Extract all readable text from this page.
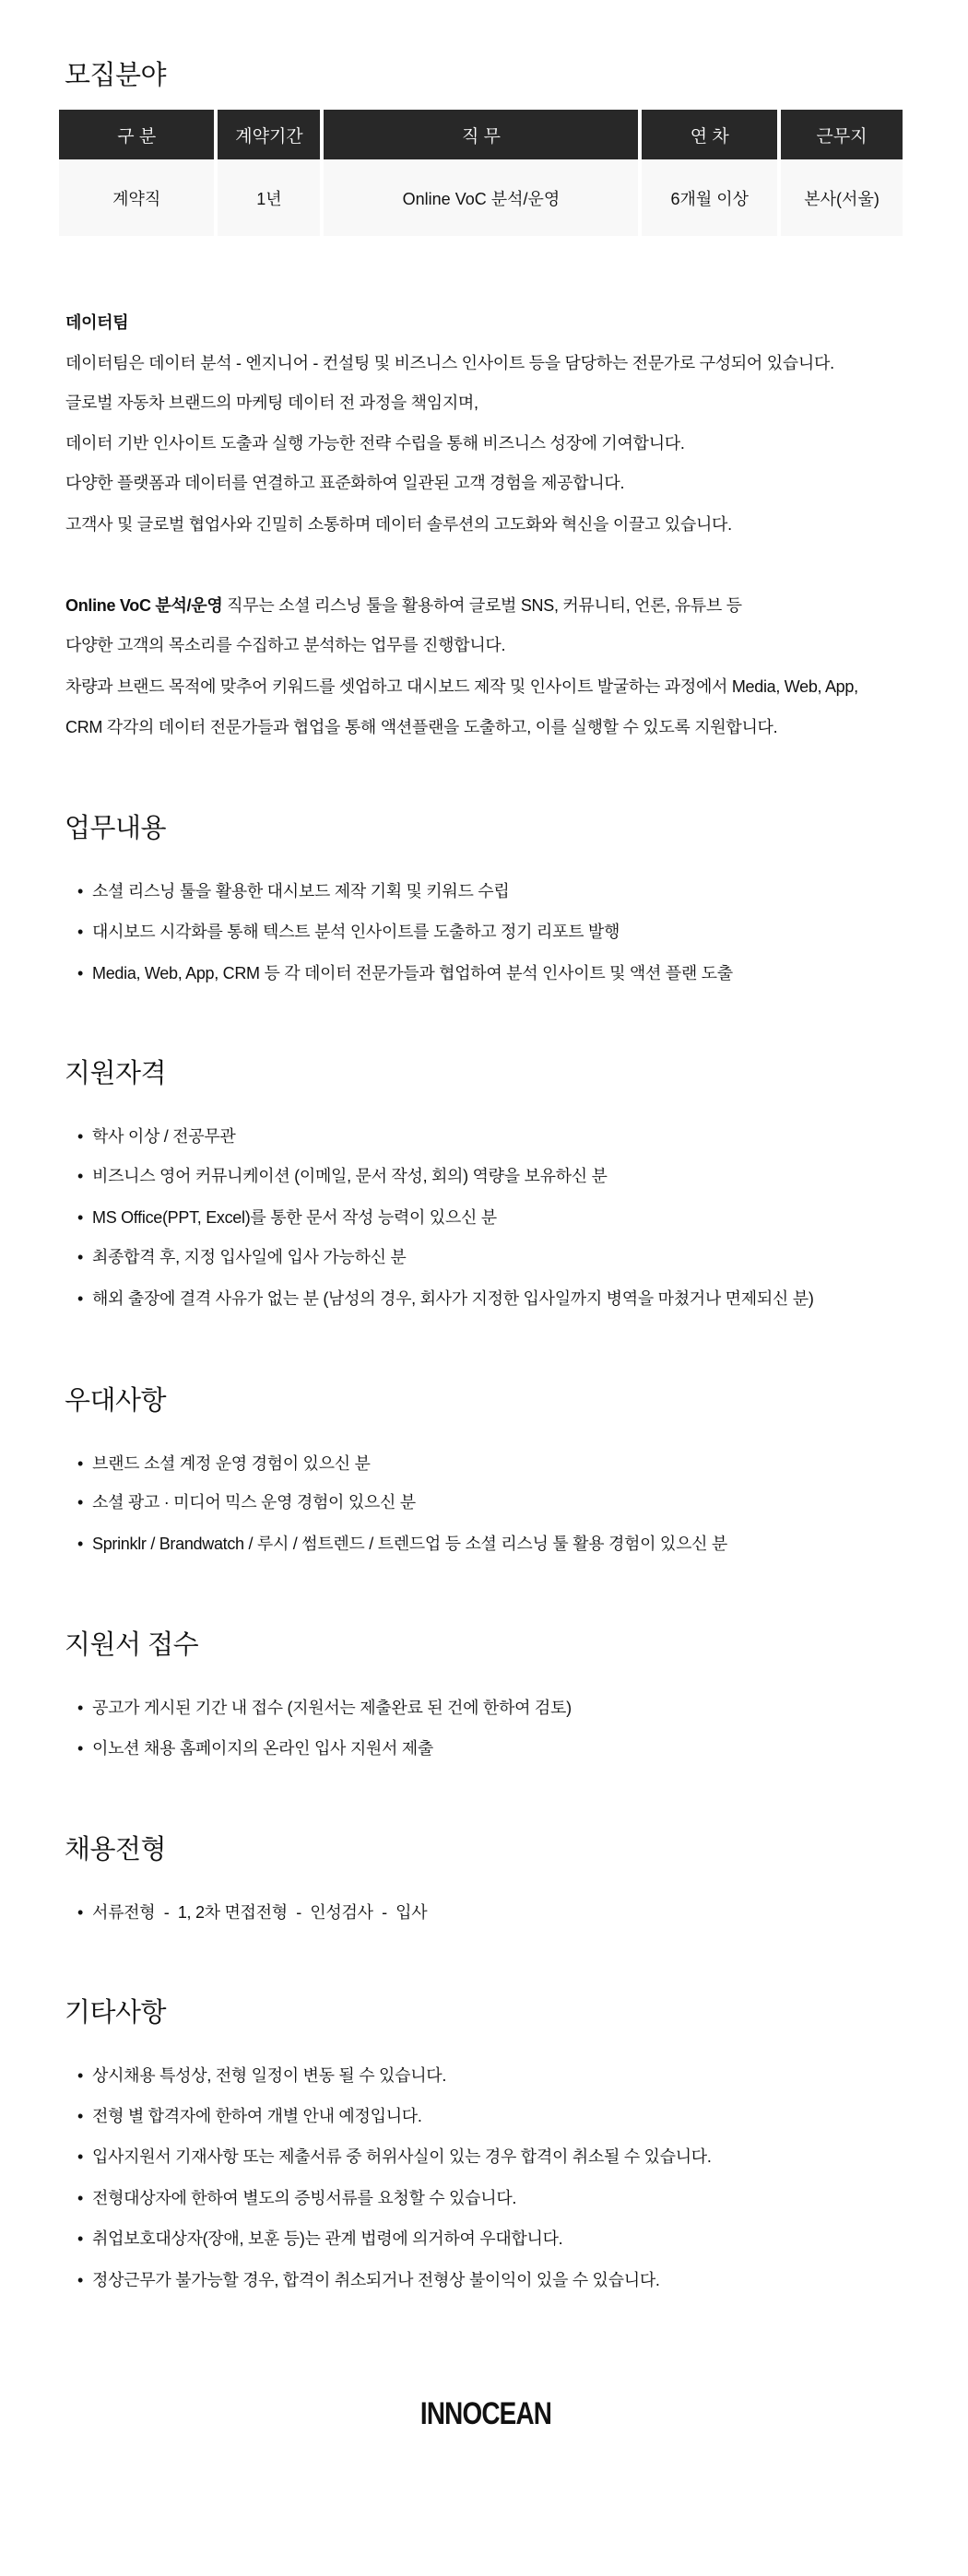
모집분야
구 분	계약기간	직 무	연 차	근무지
계약직	1년	Online VoC 분석/운영	6개월 이상	본사(서울)
데이터팀
데이터팀은 데이터 분석 - 엔지니어 - 컨설팅 및 비즈니스 인사이트 등을 담당하는 전문가로 구성되어 있습니다.
글로벌 자동차 브랜드의 마케팅 데이터 전 과정을 책임지며,
데이터 기반 인사이트 도출과 실행 가능한 전략 수립을 통해 비즈니스 성장에 기여합니다.
다양한 플랫폼과 데이터를 연결하고 표준화하여 일관된 고객 경험을 제공합니다.
고객사 및 글로벌 협업사와 긴밀히 소통하며 데이터 솔루션의 고도화와 혁신을 이끌고 있습니다.
Online VoC 분석/운영 직무는 소셜 리스닝 툴을 활용하여 글로벌 SNS, 커뮤니티, 언론, 유튜브 등
다양한 고객의 목소리를 수집하고 분석하는 업무를 진행합니다.
차량과 브랜드 목적에 맞추어 키워드를 셋업하고 대시보드 제작 및 인사이트 발굴하는 과정에서 Media, Web, App,
CRM 각각의 데이터 전문가들과 협업을 통해 액션플랜을 도출하고, 이를 실행할 수 있도록 지원합니다.
업무내용
• 소셜 리스닝 툴을 활용한 대시보드 제작 기획 및 키워드 수립
• 대시보드 시각화를 통해 텍스트 분석 인사이트를 도출하고 정기 리포트 발행
• Media, Web, App, CRM 등 각 데이터 전문가들과 협업하여 분석 인사이트 및 액션 플랜 도출
지원자격
• 학사 이상 / 전공무관
• 비즈니스 영어 커뮤니케이션 (이메일, 문서 작성, 회의) 역량을 보유하신 분
• MS Office(PPT, Excel)를 통한 문서 작성 능력이 있으신 분
• 최종합격 후, 지정 입사일에 입사 가능하신 분
• 해외 출장에 결격 사유가 없는 분 (남성의 경우, 회사가 지정한 입사일까지 병역을 마쳤거나 면제되신 분)
우대사항
• 브랜드 소셜 계정 운영 경험이 있으신 분
• 소셜 광고 · 미디어 믹스 운영 경험이 있으신 분
• Sprinklr / Brandwatch / 루시 / 썸트렌드 / 트렌드업 등 소셜 리스닝 툴 활용 경험이 있으신 분
지원서 접수
• 공고가 게시된 기간 내 접수 (지원서는 제출완료 된 건에 한하여 검토)
• 이노션 채용 홈페이지의 온라인 입사 지원서 제출
채용전형
• 서류전형  -  1, 2차 면접전형  -  인성검사  -  입사
기타사항
• 상시채용 특성상, 전형 일정이 변동 될 수 있습니다.
• 전형 별 합격자에 한하여 개별 안내 예정입니다.
• 입사지원서 기재사항 또는 제출서류 중 허위사실이 있는 경우 합격이 취소될 수 있습니다.
• 전형대상자에 한하여 별도의 증빙서류를 요청할 수 있습니다.
• 취업보호대상자(장애, 보훈 등)는 관계 법령에 의거하여 우대합니다.
• 정상근무가 불가능할 경우, 합격이 취소되거나 전형상 불이익이 있을 수 있습니다.
INNOCEAN
